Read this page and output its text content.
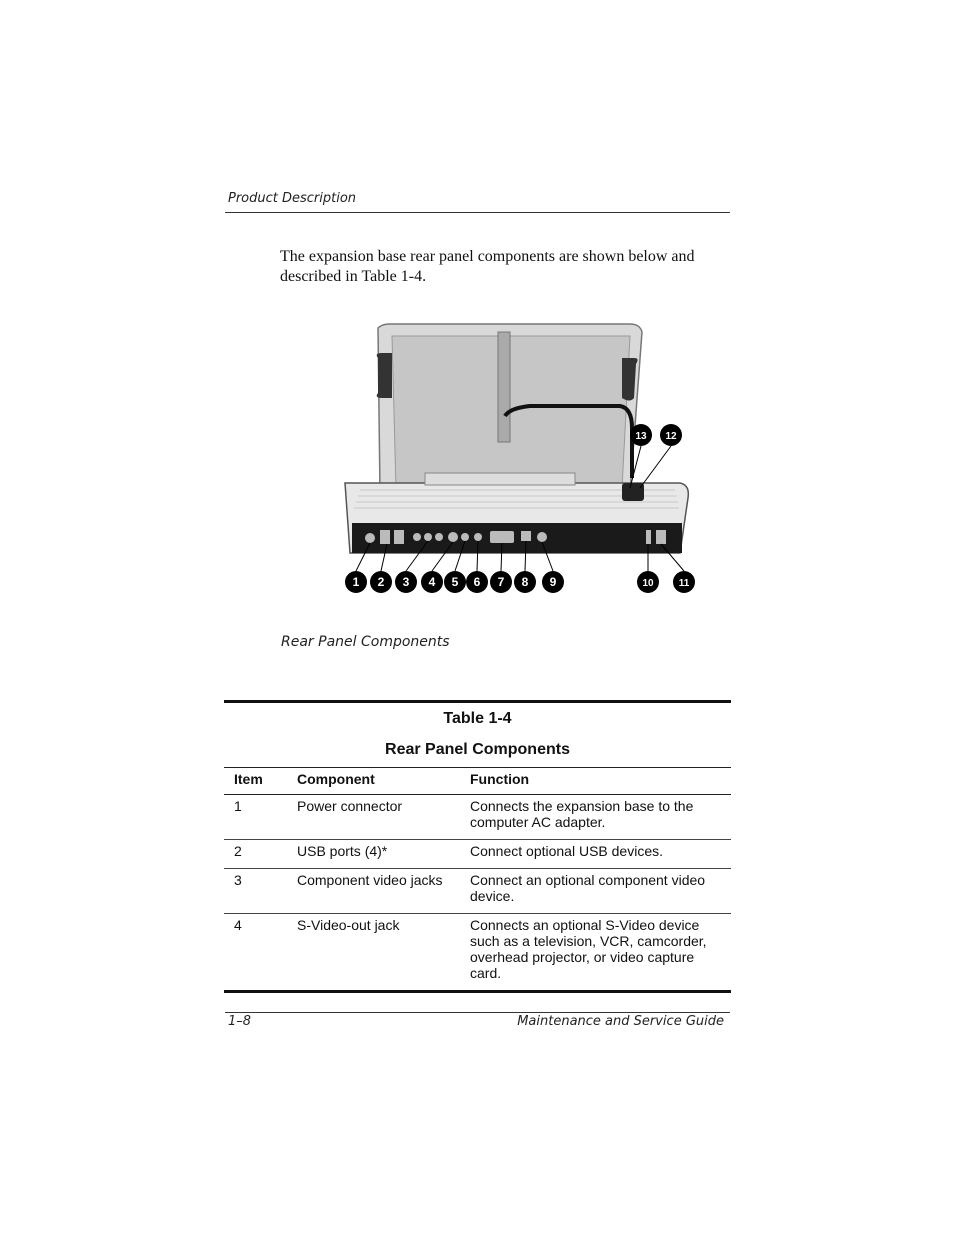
Product Description

The expansion base rear panel components are shown below and described in Table 1-4.

1 2 3 4 5 6 7 8 9	10	11
12
13
Rear Panel Components
Table 1-4
Rear Panel Components
Item	Component	Function
1	Power connector	Connects the expansion base to the computer AC adapter.
2	USB ports (4)*	Connect optional USB devices.
3	Component video jacks	Connect an optional component video device.
4	S-Video-out jack	Connects an optional S-Video device such as a television, VCR, camcorder, overhead projector, or video capture card.
1–8	Maintenance and Service Guide
